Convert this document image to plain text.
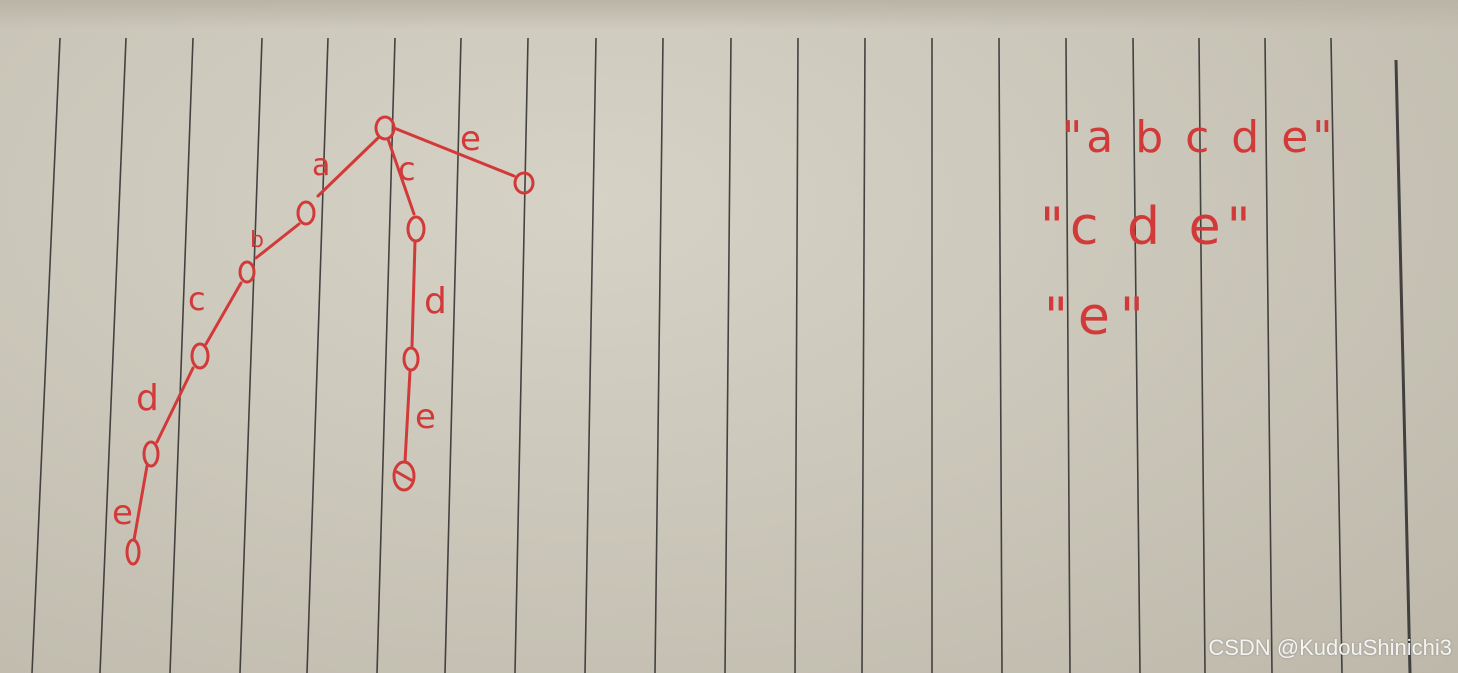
a
b
c
d
e
c
d
e
e	"a b c d e"
"c d e"
"e"
CSDN @KudouShinichi3
